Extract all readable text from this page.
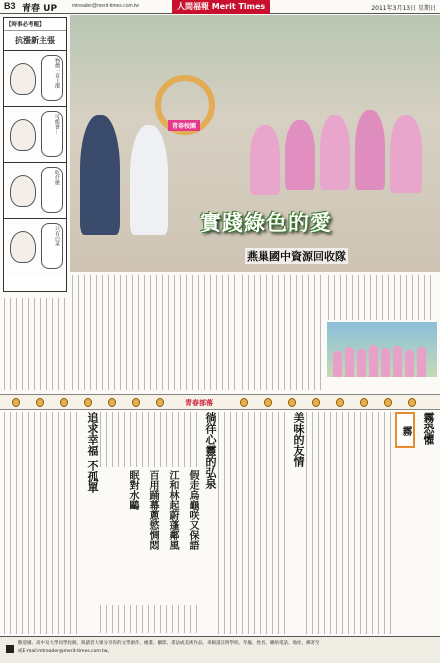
B3 青春 UP	mtreader@merit-times.com.tw	人間福報 Merit Times	2011年3月13日 星期日
【時事必考題】
抗漲新主張
物價一直上漲
可能會…
吃什麼
只有白菜
青春校園
實踐綠色的愛
燕巢國中資源回收隊
青春部落
追求幸福 不孤單	徜徉心靈的弘泉
假走烏龜咲又保語
江和林起蔚蓬鄰風
百用踊幕蔥慾惆悶
眠對水鷗
美味的友情	霧	霧恐懼
歡迎國、高中及大學同學投稿，與讀者大眾分享你的文學創作、繪畫、攝影、書法或美術作品。來稿請註明學校、年級、姓名、聯絡電話、地址，郵寄至
或E-mail:mtreader@merit-times.com.tw。
